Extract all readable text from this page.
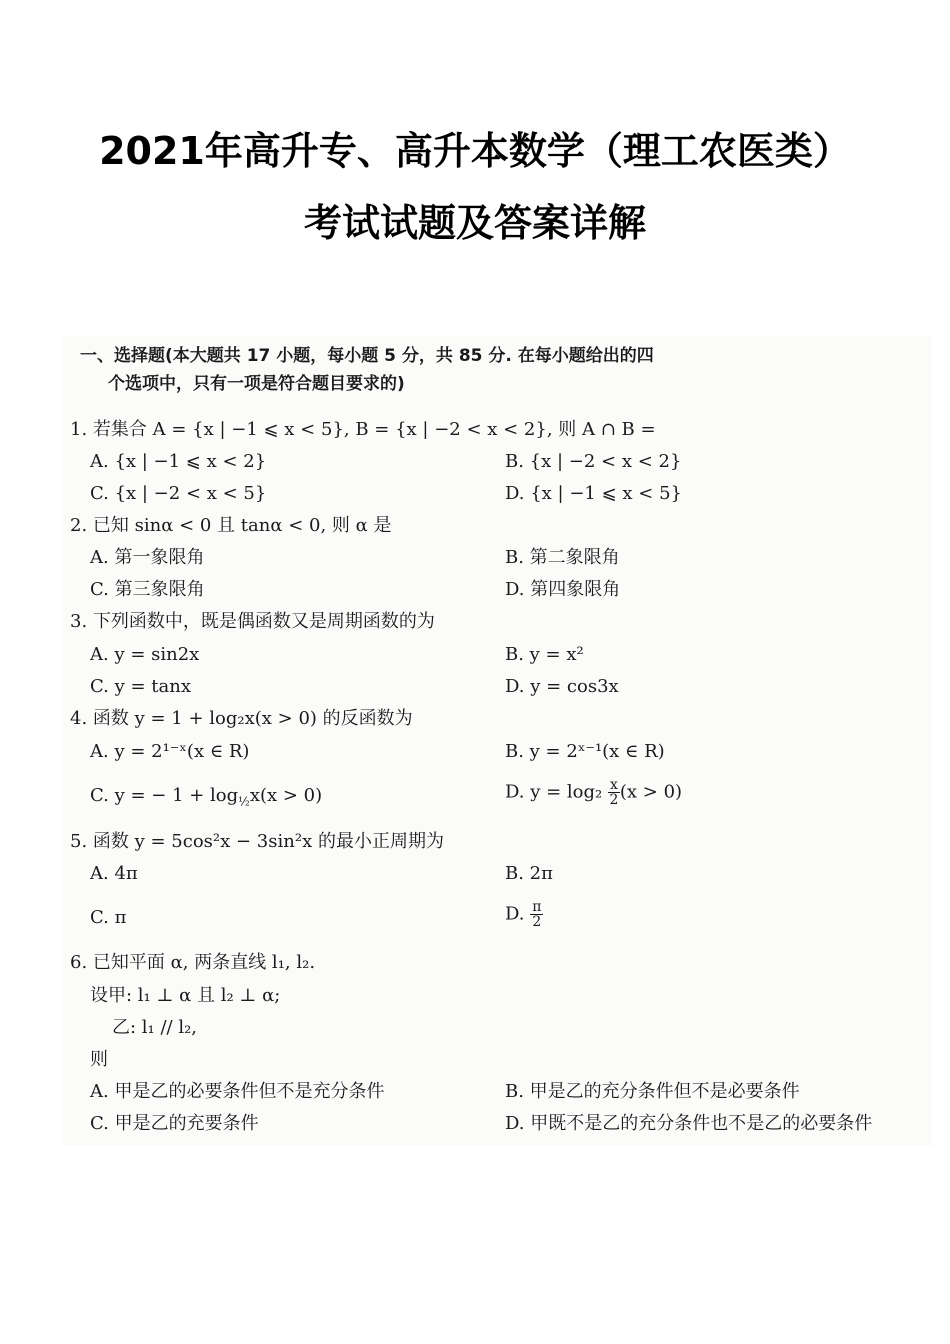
2021年高升专、高升本数学（理工农医类）
考试试题及答案详解
一、选择题(本大题共 17 小题，每小题 5 分，共 85 分. 在每小题给出的四
个选项中，只有一项是符合题目要求的)
1. 若集合 A = {x | −1 ⩽ x < 5}, B = {x | −2 < x < 2}, 则 A ∩ B =
A. {x | −1 ⩽ x < 2}	B. {x | −2 < x < 2}
C. {x | −2 < x < 5}	D. {x | −1 ⩽ x < 5}
2. 已知 sinα < 0 且 tanα < 0, 则 α 是
A. 第一象限角	B. 第二象限角
C. 第三象限角	D. 第四象限角
3. 下列函数中，既是偶函数又是周期函数的为
A. y = sin2x	B. y = x²
C. y = tanx	D. y = cos3x
4. 函数 y = 1 + log₂x(x > 0) 的反函数为
A. y = 2¹⁻ˣ(x ∈ R)	B. y = 2ˣ⁻¹(x ∈ R)
C. y = − $1 + \log_{\frac{1}{2}}x(x > 0)$	D. $y = \log_2 \frac{x}{2} (x > 0)$
5. 函数 y = 5cos²x − 3sin²x 的最小正周期为
A. 4π	B. 2π
C. π	D. $\frac{\pi}{2}$
6. 已知平面 α, 两条直线 l₁, l₂.
设甲: l₁ ⊥ α 且 l₂ ⊥ α;
乙: l₁ // l₂,
则
A. 甲是乙的必要条件但不是充分条件	B. 甲是乙的充分条件但不是必要条件
C. 甲是乙的充要条件	D. 甲既不是乙的充分条件也不是乙的必要条件
